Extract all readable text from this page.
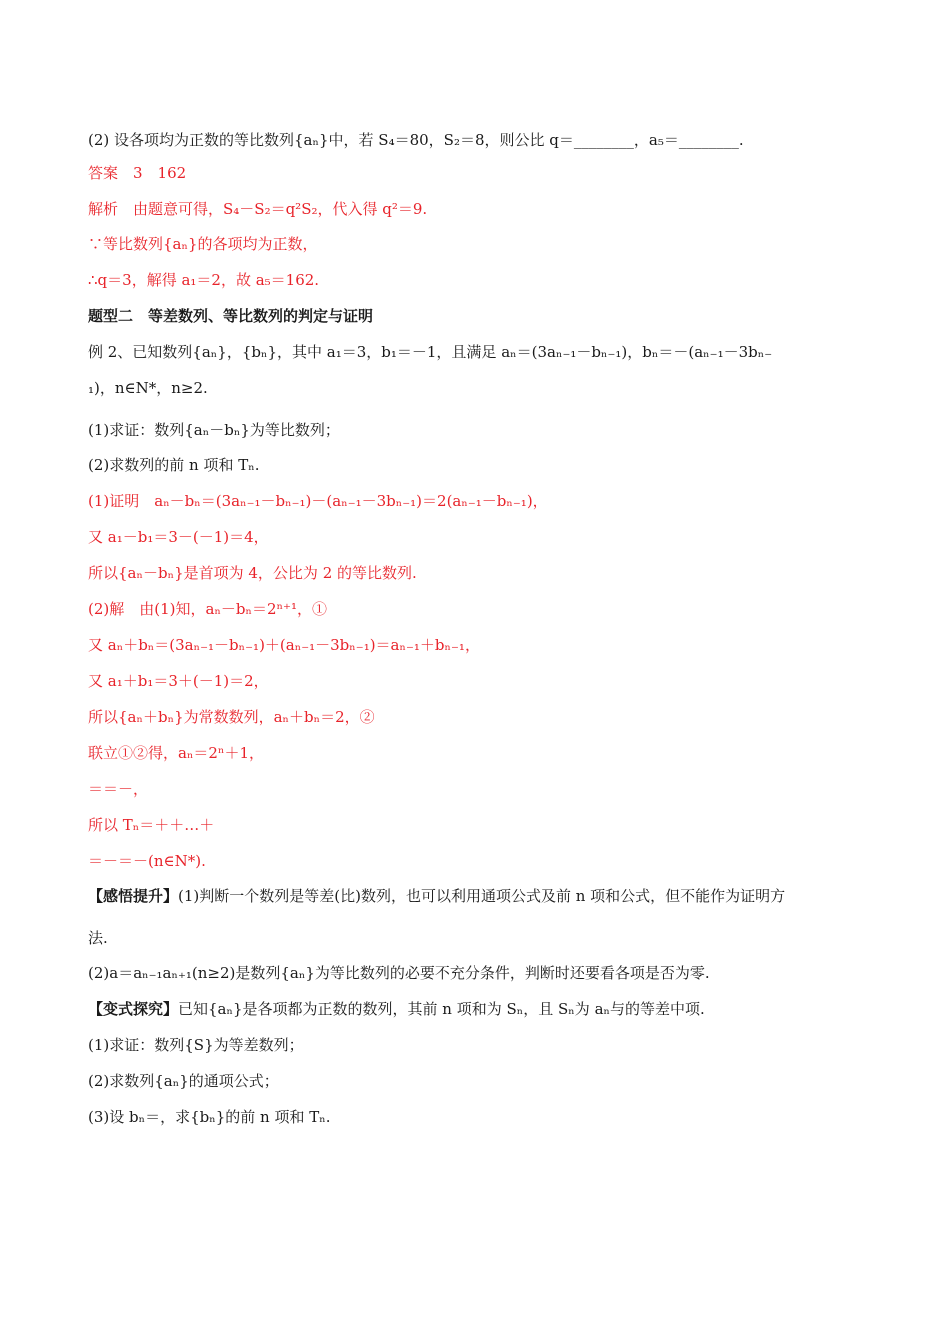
(2) 设各项均为正数的等比数列{aₙ}中，若 S₄＝80，S₂＝8，则公比 q＝________，a₅＝________.
答案　3　162
解析　由题意可得，S₄－S₂＝q²S₂，代入得 q²＝9.
∵等比数列{aₙ}的各项均为正数，
∴q＝3，解得 a₁＝2，故 a₅＝162.
题型二　等差数列、等比数列的判定与证明
例 2、已知数列{aₙ}，{bₙ}，其中 a₁＝3，b₁＝－1，且满足 aₙ＝(3aₙ₋₁－bₙ₋₁)，bₙ＝－(aₙ₋₁－3bₙ₋
₁)，n∈N*，n≥2.
(1)求证：数列{aₙ－bₙ}为等比数列；
(2)求数列的前 n 项和 Tₙ.
(1)证明　aₙ－bₙ＝(3aₙ₋₁－bₙ₋₁)－(aₙ₋₁－3bₙ₋₁)＝2(aₙ₋₁－bₙ₋₁)，
又 a₁－b₁＝3－(－1)＝4，
所以{aₙ－bₙ}是首项为 4，公比为 2 的等比数列.
(2)解　由(1)知，aₙ－bₙ＝2ⁿ⁺¹，①
又 aₙ＋bₙ＝(3aₙ₋₁－bₙ₋₁)＋(aₙ₋₁－3bₙ₋₁)＝aₙ₋₁＋bₙ₋₁，
又 a₁＋b₁＝3＋(－1)＝2，
所以{aₙ＋bₙ}为常数数列，aₙ＋bₙ＝2，②
联立①②得，aₙ＝2ⁿ＋1，
＝＝－，
所以 Tₙ＝＋＋…＋
＝－＝－(n∈N*).
【感悟提升】(1)判断一个数列是等差(比)数列，也可以利用通项公式及前 n 项和公式，但不能作为证明方
法.
(2)a＝aₙ₋₁aₙ₊₁(n≥2)是数列{aₙ}为等比数列的必要不充分条件，判断时还要看各项是否为零.
【变式探究】已知{aₙ}是各项都为正数的数列，其前 n 项和为 Sₙ，且 Sₙ为 aₙ与的等差中项.
(1)求证：数列{S}为等差数列；
(2)求数列{aₙ}的通项公式；
(3)设 bₙ＝，求{bₙ}的前 n 项和 Tₙ.
